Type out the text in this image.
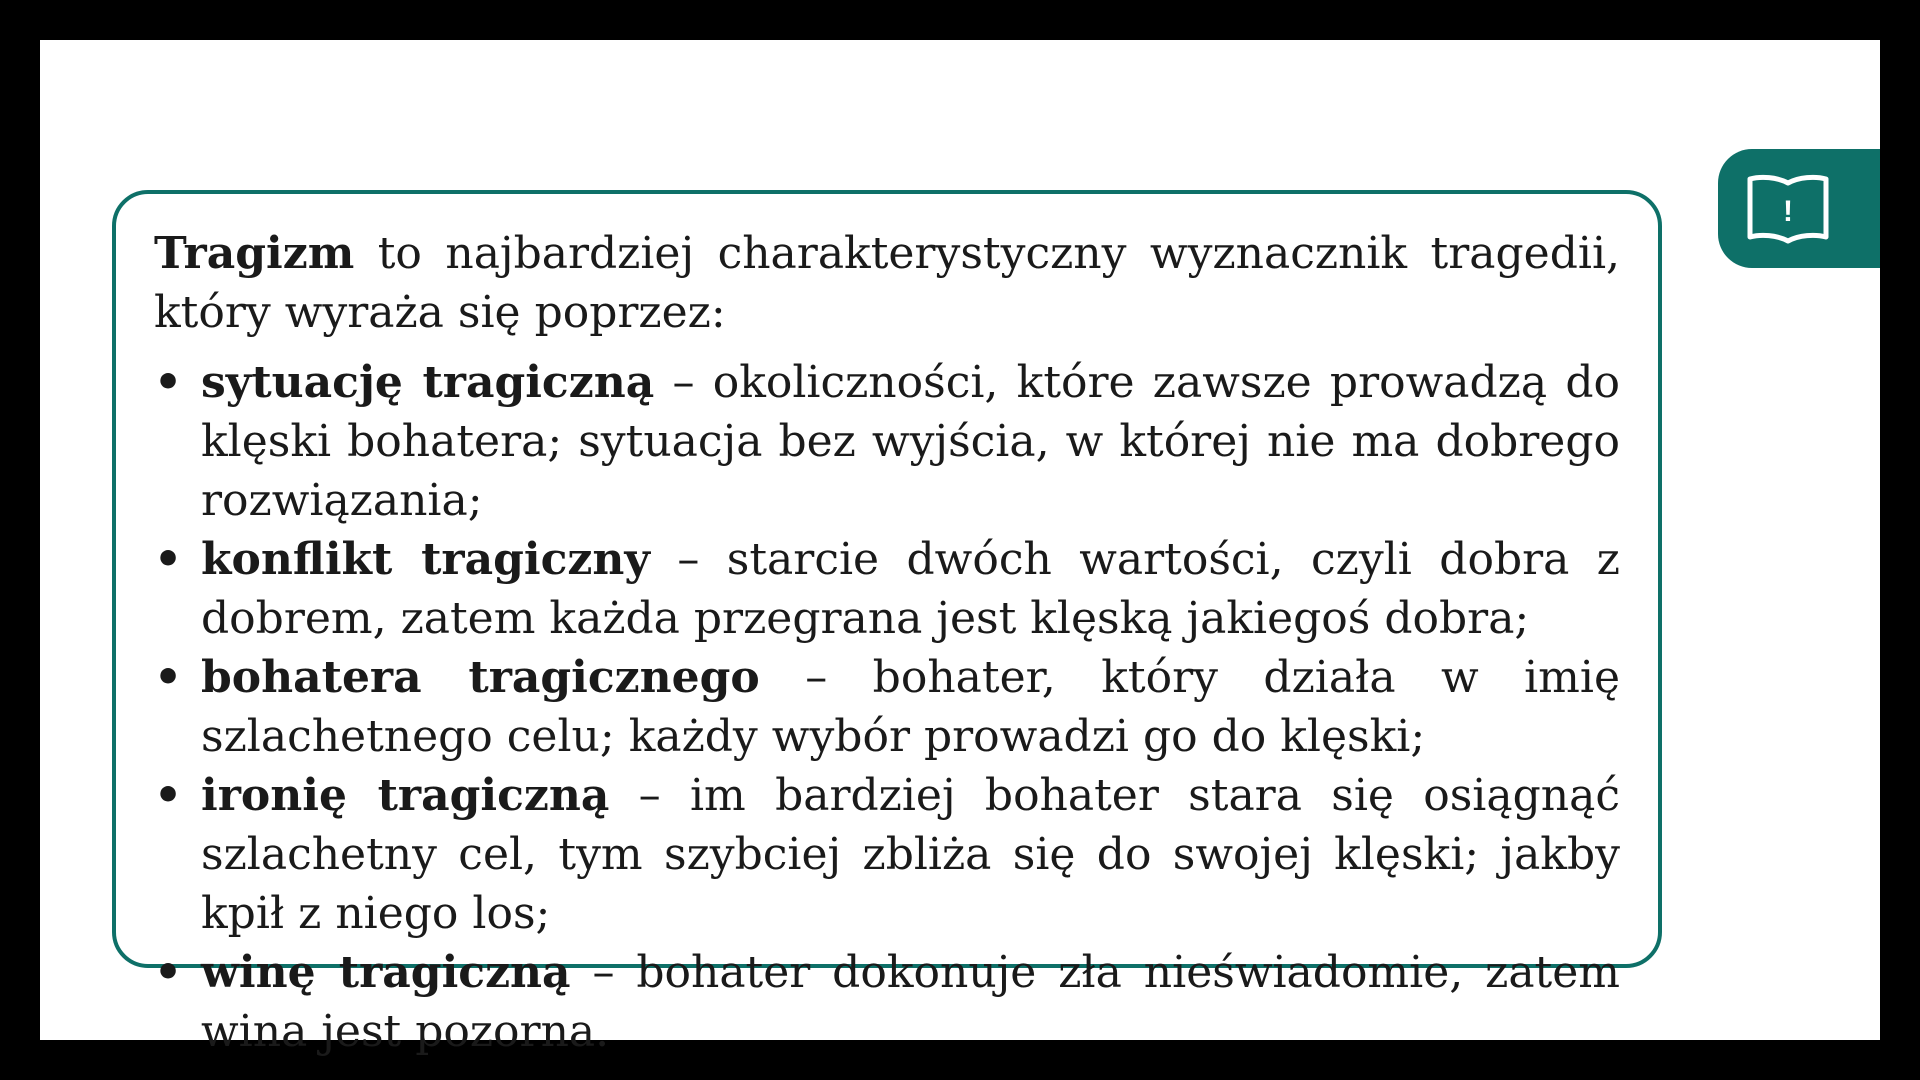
Tragizm to najbardziej charakterystyczny wyznacznik tragedii, który wyraża się poprzez:

• sytuację tragiczną – okoliczności, które zawsze prowadzą do klęski bohatera; sytuacja bez wyjścia, w której nie ma dobrego rozwiązania;
• konflikt tragiczny – starcie dwóch wartości, czyli dobra z dobrem, zatem każda przegrana jest klęską jakiegoś dobra;
• bohatera tragicznego – bohater, który działa w imię szlachetnego celu; każdy wybór prowadzi go do klęski;
• ironię tragiczną – im bardziej bohater stara się osiągnąć szlachetny cel, tym szybciej zbliża się do swojej klęski; jakby kpił z niego los;
• winę tragiczną – bohater dokonuje zła nieświadomie, zatem wina jest pozorna.
!
